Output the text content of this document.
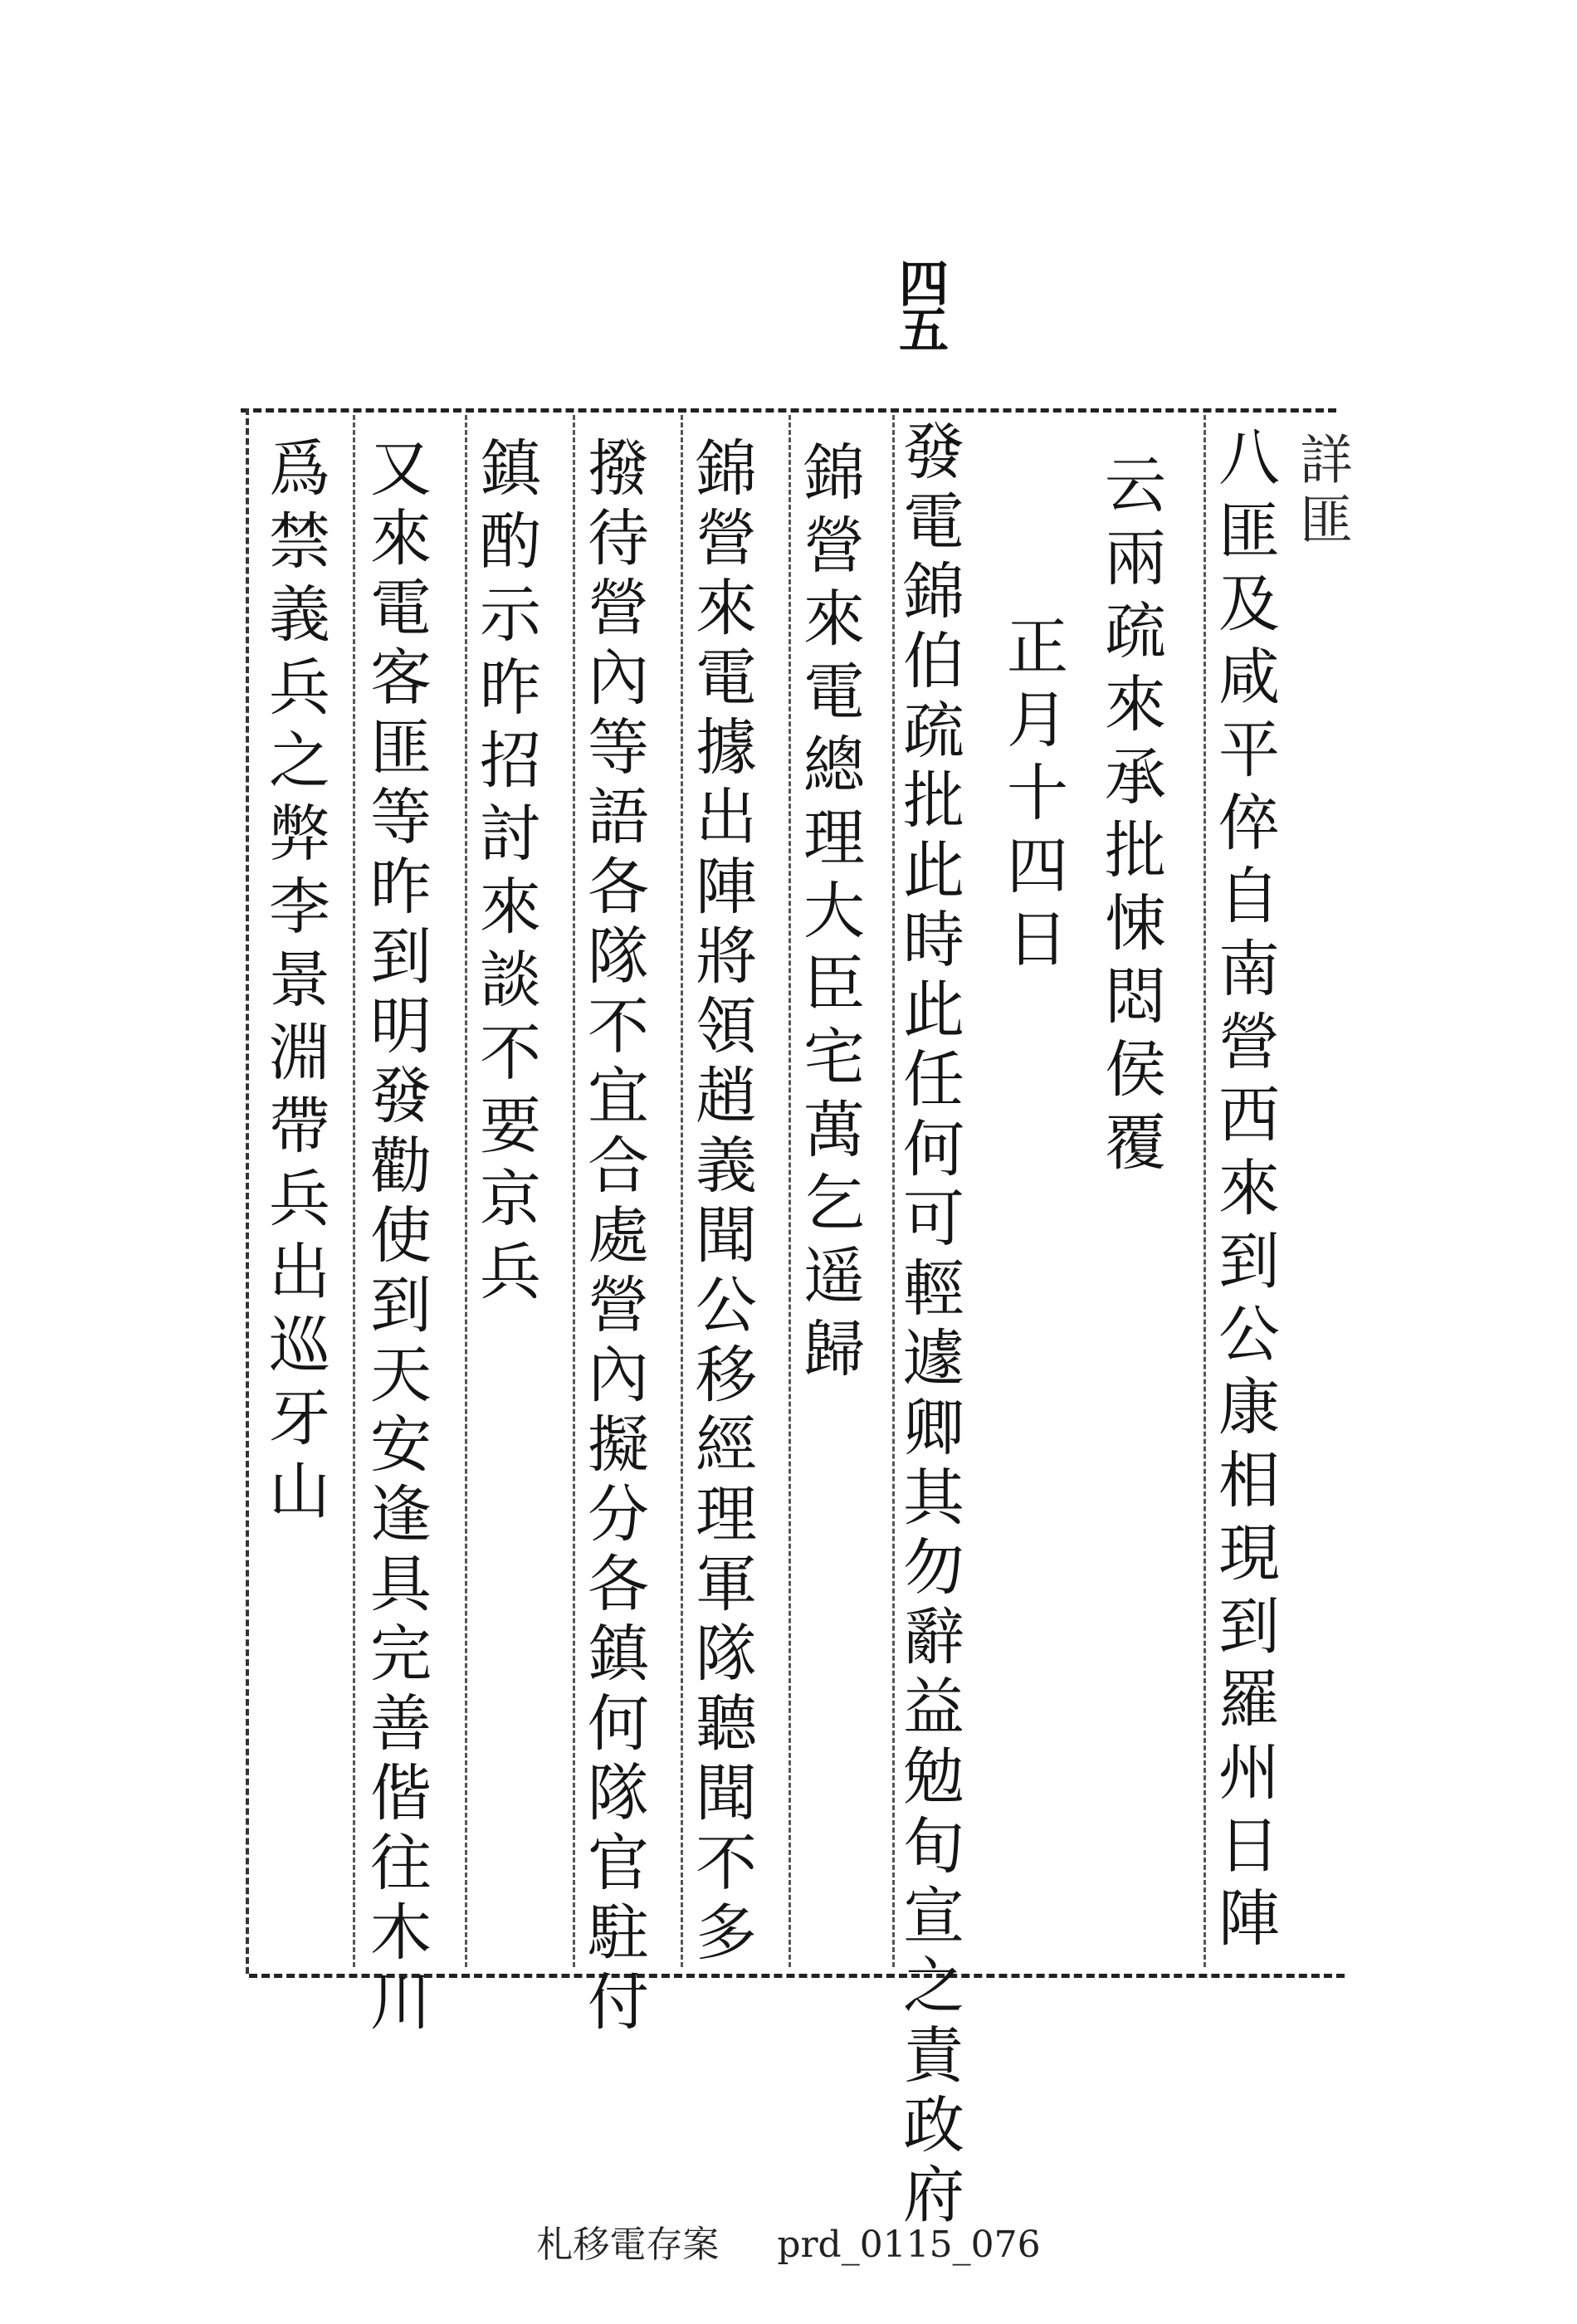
四五
詳匪
八匪及咸平倅自南營西來到公康相現到羅州日陣
云兩疏來承批悚悶侯覆
正月十四日
發電錦伯疏批此時此任何可輕遽卿其勿辭益勉旬宣之責政府
錦營來電總理大臣宅萬乞遥歸
錦營來電據出陣將領趙義聞公移經理軍隊聽聞不多
撥待營內等語各隊不宜合處營內擬分各鎮何隊官駐付
鎮酌示昨招討來談不要京兵
又來電客匪等昨到明發勸使到天安逢具完善偕往木川
爲禁義兵之弊李景淵帶兵出巡牙山
札移電存案 prd_0115_076
